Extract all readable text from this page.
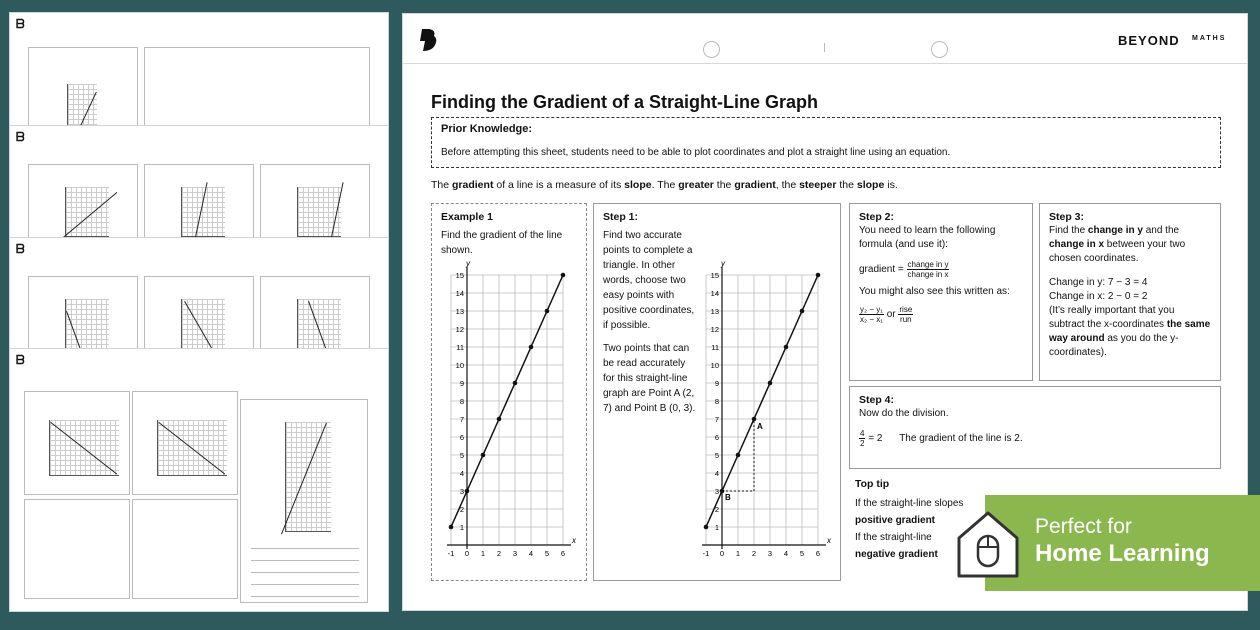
ᗷ
ᗷ
ᗷ
ᗷ
BEYOND MATHS
Finding the Gradient of a Straight-Line Graph
Prior Knowledge:
Before attempting this sheet, students need to be able to plot coordinates and plot a straight line using an equation.
The gradient of a line is a measure of its slope. The greater the gradient, the steeper the slope is.
Example 1
Find the gradient of the line shown.
y
x
1
2
3
4
5
6
7
8
9
10
11
12
13
14
15
-1 0 1 2 3 4 5 6
Step 1:
Find two accurate points to complete a triangle. In other words, choose two easy points with positive coordinates, if possible.
Two points that can be read accurately for this straight-line graph are Point A (2, 7) and Point B (0, 3).
y
x
1
2
3
4
5
6
7
8
9
10
11
12
13
14
15
-1 0 1 2 3 4 5 6
A
B
Step 2:
You need to learn the following formula (and use it):
gradient = $\frac{\text{change in y}}{\text{change in x}}$
You might also see this written as:
$\frac{\text{y₂ − y₁}}{\text{x₂ − x₁}}$ or $\frac{\text{rise}}{\text{run}}$
Step 3:
Find the change in y and the change in x between your two chosen coordinates.
Change in y: 7 − 3 = 4
Change in x: 2 − 0 = 2
(It’s really important that you subtract the x-coordinates the same way around as you do the y-coordinates).
Step 4:
Now do the division.
$\frac{4}{2} = 2$ The gradient of the line is 2.
Top tip
If the straight-line slopes
positive gradient
If the straight-line
negative gradient
Perfect for
Home Learning
